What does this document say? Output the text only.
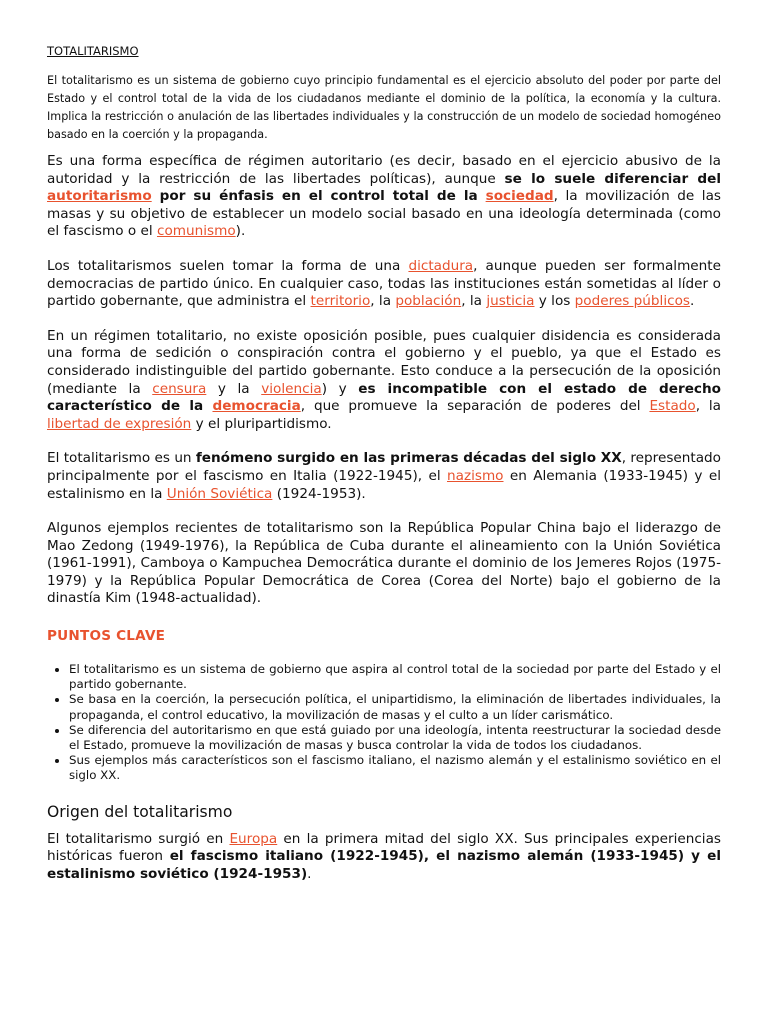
TOTALITARISMO

El totalitarismo es un sistema de gobierno cuyo principio fundamental es el ejercicio absoluto del poder por parte del Estado y el control total de la vida de los ciudadanos mediante el dominio de la política, la economía y la cultura. Implica la restricción o anulación de las libertades individuales y la construcción de un modelo de sociedad homogéneo basado en la coerción y la propaganda.

Es una forma específica de régimen autoritario (es decir, basado en el ejercicio abusivo de la autoridad y la restricción de las libertades políticas), aunque se lo suele diferenciar del autoritarismo por su énfasis en el control total de la sociedad, la movilización de las masas y su objetivo de establecer un modelo social basado en una ideología determinada (como el fascismo o el comunismo).

Los totalitarismos suelen tomar la forma de una dictadura, aunque pueden ser formalmente democracias de partido único. En cualquier caso, todas las instituciones están sometidas al líder o partido gobernante, que administra el territorio, la población, la justicia y los poderes públicos.

En un régimen totalitario, no existe oposición posible, pues cualquier disidencia es considerada una forma de sedición o conspiración contra el gobierno y el pueblo, ya que el Estado es considerado indistinguible del partido gobernante. Esto conduce a la persecución de la oposición (mediante la censura y la violencia) y es incompatible con el estado de derecho característico de la democracia, que promueve la separación de poderes del Estado, la libertad de expresión y el pluripartidismo.

El totalitarismo es un fenómeno surgido en las primeras décadas del siglo XX, representado principalmente por el fascismo en Italia (1922-1945), el nazismo en Alemania (1933-1945) y el estalinismo en la Unión Soviética (1924-1953).

Algunos ejemplos recientes de totalitarismo son la República Popular China bajo el liderazgo de Mao Zedong (1949-1976), la República de Cuba durante el alineamiento con la Unión Soviética (1961-1991), Camboya o Kampuchea Democrática durante el dominio de los Jemeres Rojos (1975-1979) y la República Popular Democrática de Corea (Corea del Norte) bajo el gobierno de la dinastía Kim (1948-actualidad).

PUNTOS CLAVE
• El totalitarismo es un sistema de gobierno que aspira al control total de la sociedad por parte del Estado y el partido gobernante.
• Se basa en la coerción, la persecución política, el unipartidismo, la eliminación de libertades individuales, la propaganda, el control educativo, la movilización de masas y el culto a un líder carismático.
• Se diferencia del autoritarismo en que está guiado por una ideología, intenta reestructurar la sociedad desde el Estado, promueve la movilización de masas y busca controlar la vida de todos los ciudadanos.
• Sus ejemplos más característicos son el fascismo italiano, el nazismo alemán y el estalinismo soviético en el siglo XX.
Origen del totalitarismo

El totalitarismo surgió en Europa en la primera mitad del siglo XX. Sus principales experiencias históricas fueron el fascismo italiano (1922-1945), el nazismo alemán (1933-1945) y el estalinismo soviético (1924-1953).
